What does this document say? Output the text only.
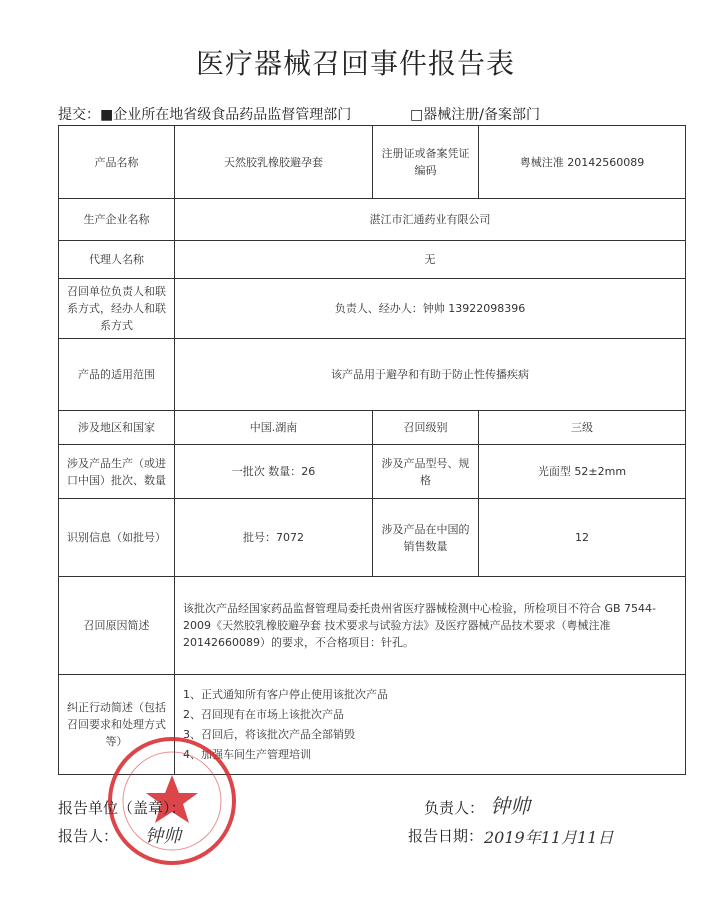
医疗器械召回事件报告表
提交：■企业所在地省级食品药品监督管理部门	□器械注册/备案部门
产品名称	天然胶乳橡胶避孕套	注册证或备案凭证编码	粤械注准 20142560089
生产企业名称	湛江市汇通药业有限公司		
代理人名称	无		
召回单位负责人和联系方式，经办人和联系方式	负责人、经办人：钟帅 13922098396		
产品的适用范围	该产品用于避孕和有助于防止性传播疾病		
涉及地区和国家	中国.湖南	召回级别	三级
涉及产品生产（或进口中国）批次、数量	一批次 数量：26	涉及产品型号、规格	光面型 52±2mm
识别信息（如批号）	批号：7072	涉及产品在中国的销售数量	12
召回原因简述	该批次产品经国家药品监督管理局委托贵州省医疗器械检测中心检验，所检项目不符合 GB 7544-2009《天然胶乳橡胶避孕套 技术要求与试验方法》及医疗器械产品技术要求（粤械注准 20142660089）的要求，不合格项目：针孔。		
纠正行动简述（包括召回要求和处理方式等）	1、正式通知所有客户停止使用该批次产品
2、召回现有在市场上该批次产品
3、召回后，将该批次产品全部销毁
4、加强车间生产管理培训		
报告单位（盖章）：
报告人：
负责人：
报告日期：
钟帅
钟帅	2019年11月11日
